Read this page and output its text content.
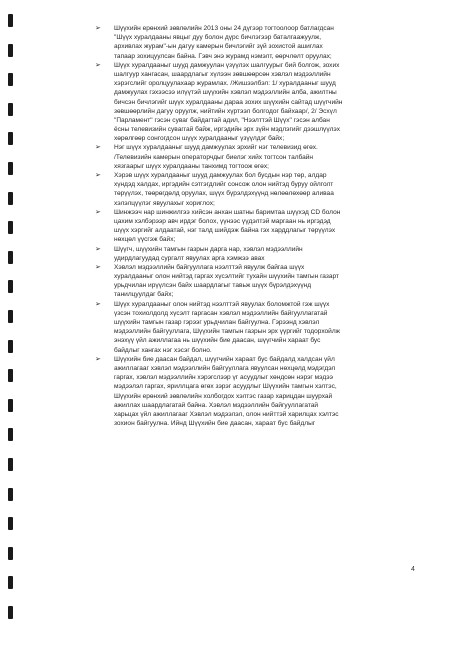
➢ Шүүхийн ерөнхий зөвлөлийн 2013 оны 24 дүгээр тогтоолоор батлагдсан
"Шүүх хуралдааны явцыг дуу болон дүрс бичлэгээр баталгаажуулж,
архивлах журам"-ын дагуу камерын бичлэгийг зүй зохистой ашиглах
тапаар зохицуулсан байна. Гэвч энэ журамд нэмэлт, өөрчлөлт оруулах;
➢ Шүүх хуралдааныг шууд дамжуулан үзүүлэх шалгуурыг бий болгож, зохих
шалгуур хангасан, шаардлагыг хүлээн зөвшөөрсөн хэвлэл мэдээллийн
хэрэгслийг оролцуулахаар журамлах. /Жишээлбэл: 1/ хуралдааныг шууд
дамжуулах гэхээсээ илүүтэй шүүхийн хэвлэл мэдээллийн алба, ажилтны
бичсэн бичлэгийг шүүх хуралдааны дараа зохих шүүхийн сайтад шүүгчийн
зөвшөөрлийн дагуу оруулж, нийтийн хүртээл болгодог байхаар/, 2/ Эсхүл
"Парламент" гэсэн суваг байдагтай адил, "Нээлттэй Шүүх" гэсэн албан
ёсны телевизийн суваггай байж, иргэдийн эрх зүйн мэдлэгийг дээшлүүлэх
хөрөлгөөр сонгогдсон шүүх хуралдааныг үзүүлдэг байх;
➢ Нэг шүүх хуралдааныг шууд дамжуулах эрхийг нэг телевизид өгөх.
/Телевизийн камерын операторчдыг биелэг хийх тогтсон талбайн
хязгаарыг шүүх хуралдааны танхимд тогтоож өгөх;
➢ Хэрэв шүүх хуралдааныг шууд дамжуулах бол бусдын нэр төр, алдар
хүндэд халдах, иргэдийн сэтгэгдлийг сонсож олон нийтэд буруу ойлголт
төрүүлэх, төөрөгдөлд оруулах, шүүх бүрэлдэхүүнд нөлөөлөхөөр аливаа
хэлэлцүүлэг явуулахыг хориглох;
➢ Шинжээч нар шинжилгээ хийсэн анхан шатны баримтаа шүүхэд CD болон
цахим хэлбэрээр авч ирдэг болох, үүнээс үүдэлтэй маргаан нь иргэдэд
шүүх хэргийг алдаатай, нэг талд шийдэж байна гэх харддлагыг төрүүлэх
нөхцөл үүсгэж байх;
➢ Шүүгч, шүүхийн тамгын газрын дарга нар, хэвлэл мэдээллийн
удирдлагуудад сургалт явуулах арга хэмжээ авах
➢ Хэвлэл мэдээллийн байгууллага нээлттэй явуулж байгаа шүүх
хуралдааныг олон нийтэд гаргах хүсэлтийг тухайн шүүхийн тамгын газарт
урьдчилан ирүүлсэн байх шаардлагыг тавьж шүүх бүрэлдэхүүнд
танилцуулдаг байх;
➢ Шүүх хуралдааныг олон нийтэд нээлттэй явуулах боломжтой гэж шүүх
үзсэн тохиолдолд хүсэлт гаргасан хэвлэл мэдээллийн байгууллагатай
шүүхийн тамгын газар гэрээг урьдчилан байгуулна. Гэрээнд хэвлэл
мэдээллийн байгууллага, Шүүхийн тамгын газрын эрх үүргийг тодорхойлж
энэхүү үйл ажиллагаа нь шүүхийн бие даасан, шүүгчийн хараат бус
байдлыг хангах нэг хэсэг болно.
➢ Шүүхийн бие даасан байдал, шүүгчийн хараат бус байдалд халдсан үйл
ажиллагааг хэвлэл мэдээллийн байгууллага явуулсан нөхцөлд мэдэгдэл
гаргах, хэвлэл мэдээллийн хэрэгслээр үг асуудлыг хөндсөн нэрэг мэдээ
мэдээлэл гаргах, яриллцага өгөх зэрэг асуудлыг Шүүхийн тамгын хэлтэс,
Шүүхийн ерөнхий зөвлөлийн холбогдох хэлтэс газар харицдан шуурхай
ажиллах шаардлагатай байна. Хэвлэл мэдээллийн байгууллагатай
харьцах үйл ажиллагааг Хэвлэл мэдээлэл, олон нийттэй харилцах хэлтэс
зохион байгуулна. Ийнд Шүүхийн бие даасан, хараат бус байдлыг
4
